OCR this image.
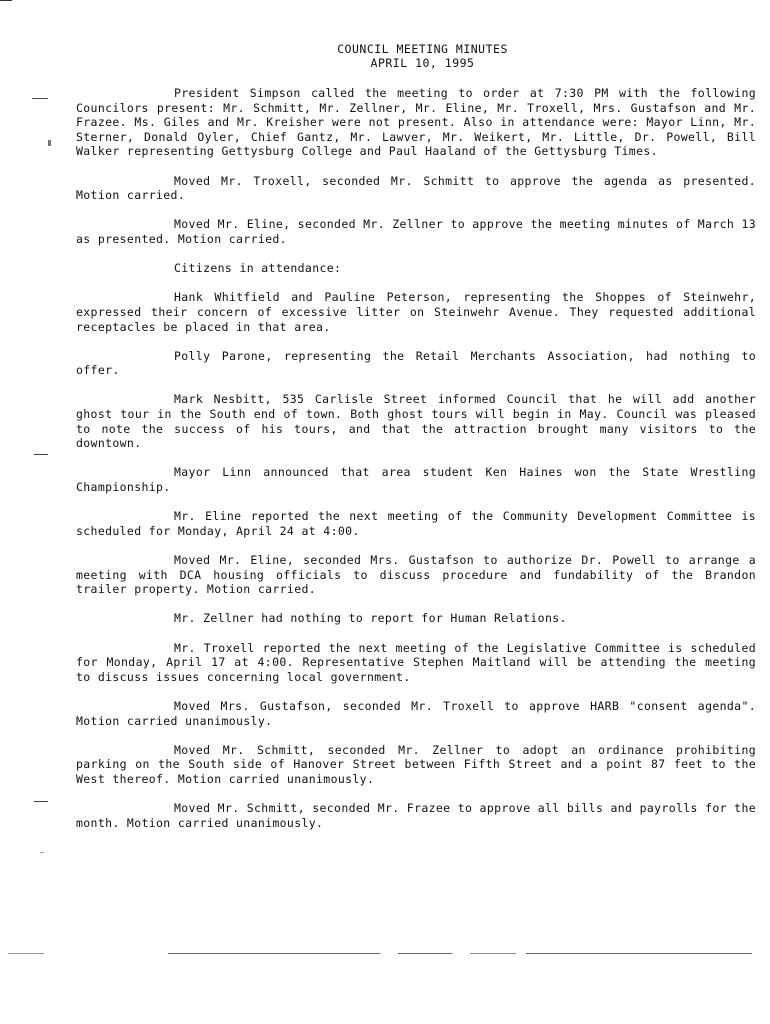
COUNCIL MEETING MINUTES
APRIL 10, 1995

President Simpson called the meeting to order at 7:30 PM with the following Councilors present: Mr. Schmitt, Mr. Zellner, Mr. Eline, Mr. Troxell, Mrs. Gustafson and Mr. Frazee. Ms. Giles and Mr. Kreisher were not present. Also in attendance were: Mayor Linn, Mr. Sterner, Donald Oyler, Chief Gantz, Mr. Lawver, Mr. Weikert, Mr. Little, Dr. Powell, Bill Walker representing Gettysburg College and Paul Haaland of the Gettysburg Times.

Moved Mr. Troxell, seconded Mr. Schmitt to approve the agenda as presented. Motion carried.

Moved Mr. Eline, seconded Mr. Zellner to approve the meeting minutes of March 13 as presented. Motion carried.

Citizens in attendance:

Hank Whitfield and Pauline Peterson, representing the Shoppes of Steinwehr, expressed their concern of excessive litter on Steinwehr Avenue. They requested additional receptacles be placed in that area.

Polly Parone, representing the Retail Merchants Association, had nothing to offer.

Mark Nesbitt, 535 Carlisle Street informed Council that he will add another ghost tour in the South end of town. Both ghost tours will begin in May. Council was pleased to note the success of his tours, and that the attraction brought many visitors to the downtown.

Mayor Linn announced that area student Ken Haines won the State Wrestling Championship.

Mr. Eline reported the next meeting of the Community Development Committee is scheduled for Monday, April 24 at 4:00.

Moved Mr. Eline, seconded Mrs. Gustafson to authorize Dr. Powell to arrange a meeting with DCA housing officials to discuss procedure and fundability of the Brandon trailer property. Motion carried.

Mr. Zellner had nothing to report for Human Relations.

Mr. Troxell reported the next meeting of the Legislative Committee is scheduled for Monday, April 17 at 4:00. Representative Stephen Maitland will be attending the meeting to discuss issues concerning local government.

Moved Mrs. Gustafson, seconded Mr. Troxell to approve HARB "consent agenda". Motion carried unanimously.

Moved Mr. Schmitt, seconded Mr. Zellner to adopt an ordinance prohibiting parking on the South side of Hanover Street between Fifth Street and a point 87 feet to the West thereof. Motion carried unanimously.

Moved Mr. Schmitt, seconded Mr. Frazee to approve all bills and payrolls for the month. Motion carried unanimously.
